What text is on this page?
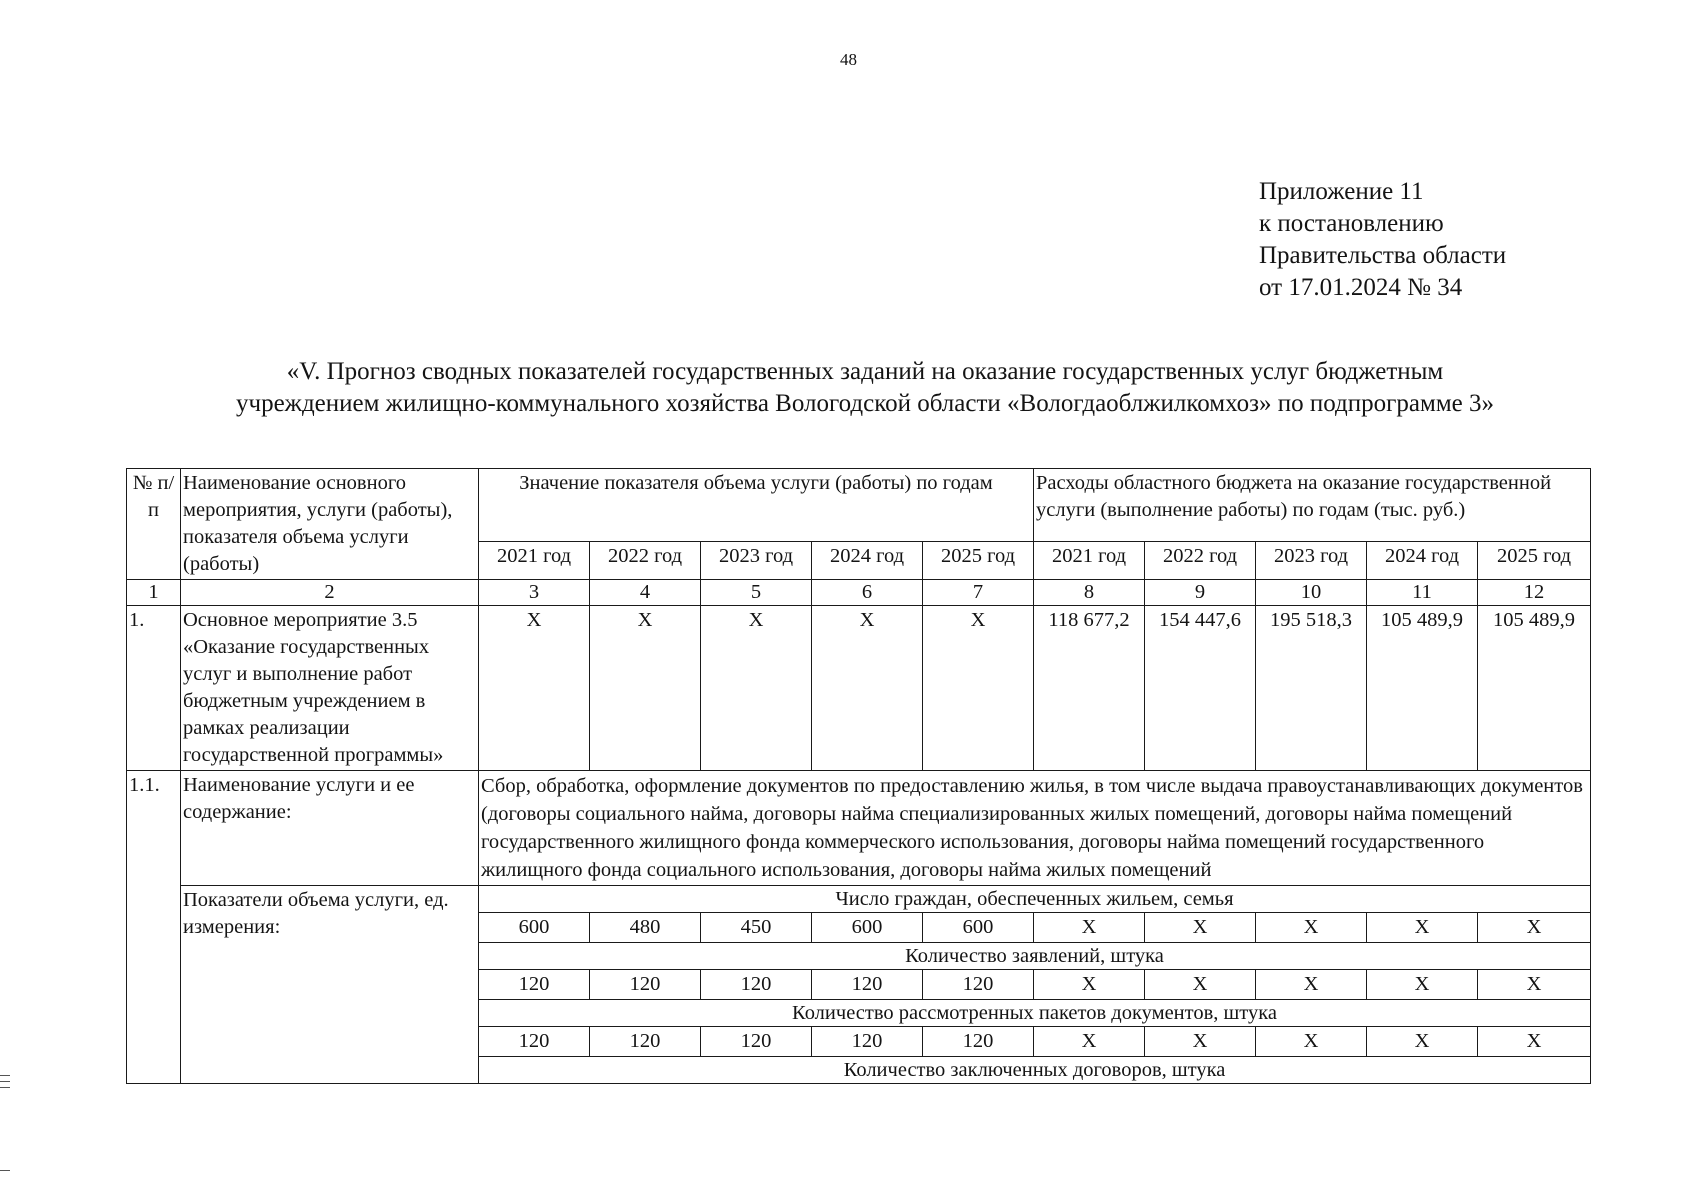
48
Приложение 11
к постановлению
Правительства области
от 17.01.2024 № 34
«V. Прогноз сводных показателей государственных заданий на оказание государственных услуг бюджетным
учреждением жилищно-коммунального хозяйства Вологодской области «Вологдаоблжилкомхоз» по подпрограмме 3»
№ п/п	Наименование основного мероприятия, услуги (работы), показателя объема услуги (работы)	Значение показателя объема услуги (работы) по годам					Расходы областного бюджета на оказание государственной услуги (выполнение работы) по годам (тыс. руб.)				
		2021 год	2022 год	2023 год	2024 год	2025 год	2021 год	2022 год	2023 год	2024 год	2025 год
1	2	3	4	5	6	7	8	9	10	11	12
1.	Основное мероприятие 3.5 «Оказание государственных услуг и выполнение работ бюджетным учреждением в рамках реализации государственной программы»	X	X	X	X	X	118 677,2	154 447,6	195 518,3	105 489,9	105 489,9
1.1.	Наименование услуги и ее содержание:	Сбор, обработка, оформление документов по предоставлению жилья, в том числе выдача правоустанавливающих документов (договоры социального найма, договоры найма специализированных жилых помещений, договоры найма помещений государственного жилищного фонда коммерческого использования, договоры найма помещений государственного жилищного фонда социального использования, договоры найма жилых помещений									
	Показатели объема услуги, ед. измерения:	Число граждан, обеспеченных жильем, семья									
		600	480	450	600	600	X	X	X	X	X
		Количество заявлений, штука									
		120	120	120	120	120	X	X	X	X	X
		Количество рассмотренных пакетов документов, штука									
		120	120	120	120	120	X	X	X	X	X
		Количество заключенных договоров, штука									
